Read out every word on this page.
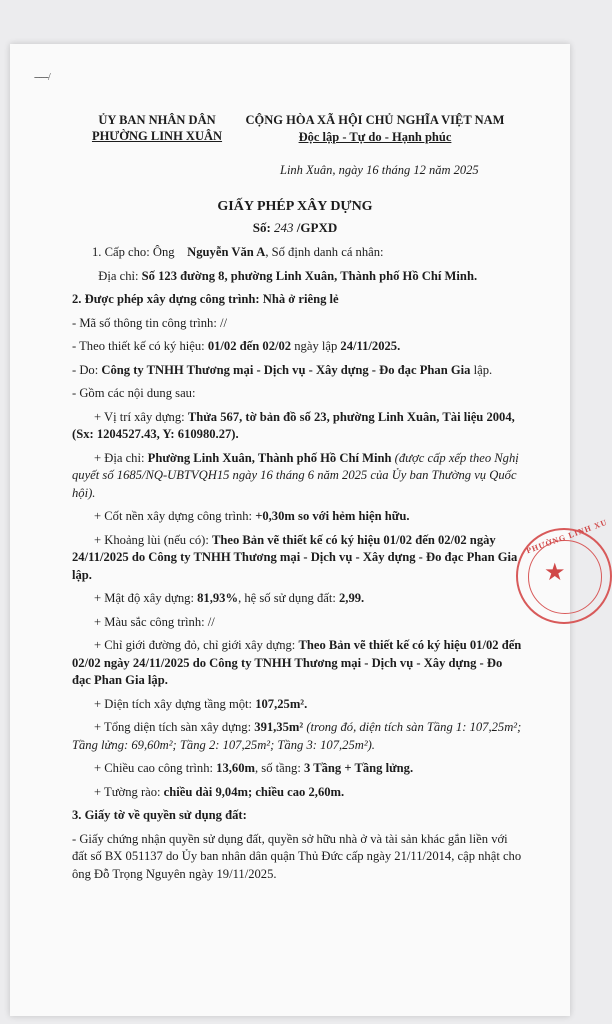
-‐--‐‐/
ỦY BAN NHÂN DÂN
PHƯỜNG LINH XUÂN
CỘNG HÒA XÃ HỘI CHỦ NGHĨA VIỆT NAM
Độc lập - Tự do - Hạnh phúc
Linh Xuân, ngày 16 tháng 12 năm 2025
GIẤY PHÉP XÂY DỰNG
Số: 243 /GPXD

1. Cấp cho: Ông Nguyễn Văn A, Số định danh cá nhân:

Địa chỉ: Số 123 đường 8, phường Linh Xuân, Thành phố Hồ Chí Minh.

2. Được phép xây dựng công trình: Nhà ở riêng lẻ

- Mã số thông tin công trình: //

- Theo thiết kế có ký hiệu: 01/02 đến 02/02 ngày lập 24/11/2025.

- Do: Công ty TNHH Thương mại - Dịch vụ - Xây dựng - Đo đạc Phan Gia lập.

- Gồm các nội dung sau:

+ Vị trí xây dựng: Thửa 567, tờ bản đồ số 23, phường Linh Xuân, Tài liệu 2004, (Sx: 1204527.43, Y: 610980.27).

+ Địa chỉ: Phường Linh Xuân, Thành phố Hồ Chí Minh (được cấp xếp theo Nghị quyết số 1685/NQ-UBTVQH15 ngày 16 tháng 6 năm 2025 của Ủy ban Thường vụ Quốc hội).

+ Cốt nền xây dựng công trình: +0,30m so với hẻm hiện hữu.

+ Khoảng lùi (nếu có): Theo Bản vẽ thiết kế có ký hiệu 01/02 đến 02/02 ngày 24/11/2025 do Công ty TNHH Thương mại - Dịch vụ - Xây dựng - Đo đạc Phan Gia lập.

+ Mật độ xây dựng: 81,93%, hệ số sử dụng đất: 2,99.

+ Màu sắc công trình: //

+ Chỉ giới đường đỏ, chỉ giới xây dựng: Theo Bản vẽ thiết kế có ký hiệu 01/02 đến 02/02 ngày 24/11/2025 do Công ty TNHH Thương mại - Dịch vụ - Xây dựng - Đo đạc Phan Gia lập.

+ Diện tích xây dựng tầng một: 107,25m².

+ Tổng diện tích sàn xây dựng: 391,35m² (trong đó, diện tích sàn Tầng 1: 107,25m²; Tầng lửng: 69,60m²; Tầng 2: 107,25m²; Tầng 3: 107,25m²).

+ Chiều cao công trình: 13,60m, số tầng: 3 Tầng + Tầng lửng.

+ Tường rào: chiều dài 9,04m; chiều cao 2,60m.

3. Giấy tờ về quyền sử dụng đất:

- Giấy chứng nhận quyền sử dụng đất, quyền sở hữu nhà ở và tài sản khác gắn liền với đất số BX 051137 do Ủy ban nhân dân quận Thủ Đức cấp ngày 21/11/2014, cập nhật cho ông Đỗ Trọng Nguyên ngày 19/11/2025.

PHƯỜNG LINH XU
★
